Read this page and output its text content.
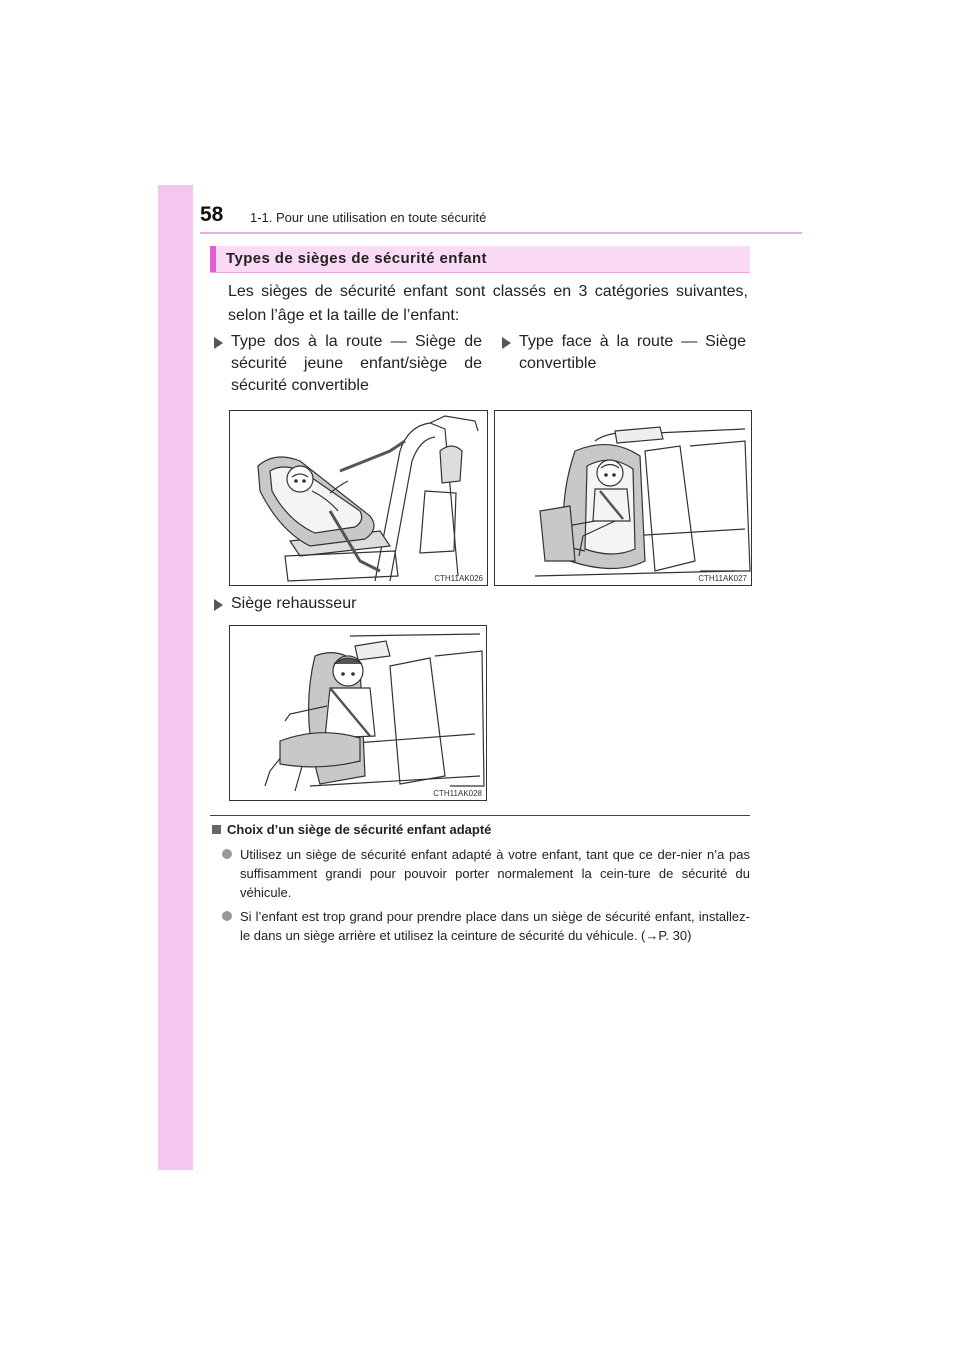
58 1-1. Pour une utilisation en toute sécurité
Types de sièges de sécurité enfant
Les sièges de sécurité enfant sont classés en 3 catégories suivantes, selon l’âge et la taille de l’enfant:
Type dos à la route — Siège de sécurité jeune enfant/siège de sécurité convertible
Type face à la route — Siège convertible
CTH11AK026	CTH11AK027
Siège rehausseur
CTH11AK028
Choix d’un siège de sécurité enfant adapté
Utilisez un siège de sécurité enfant adapté à votre enfant, tant que ce der-nier n’a pas suffisamment grandi pour pouvoir porter normalement la cein-ture de sécurité du véhicule.
Si l’enfant est trop grand pour prendre place dans un siège de sécurité enfant, installez-le dans un siège arrière et utilisez la ceinture de sécurité du véhicule. (→P. 30)
